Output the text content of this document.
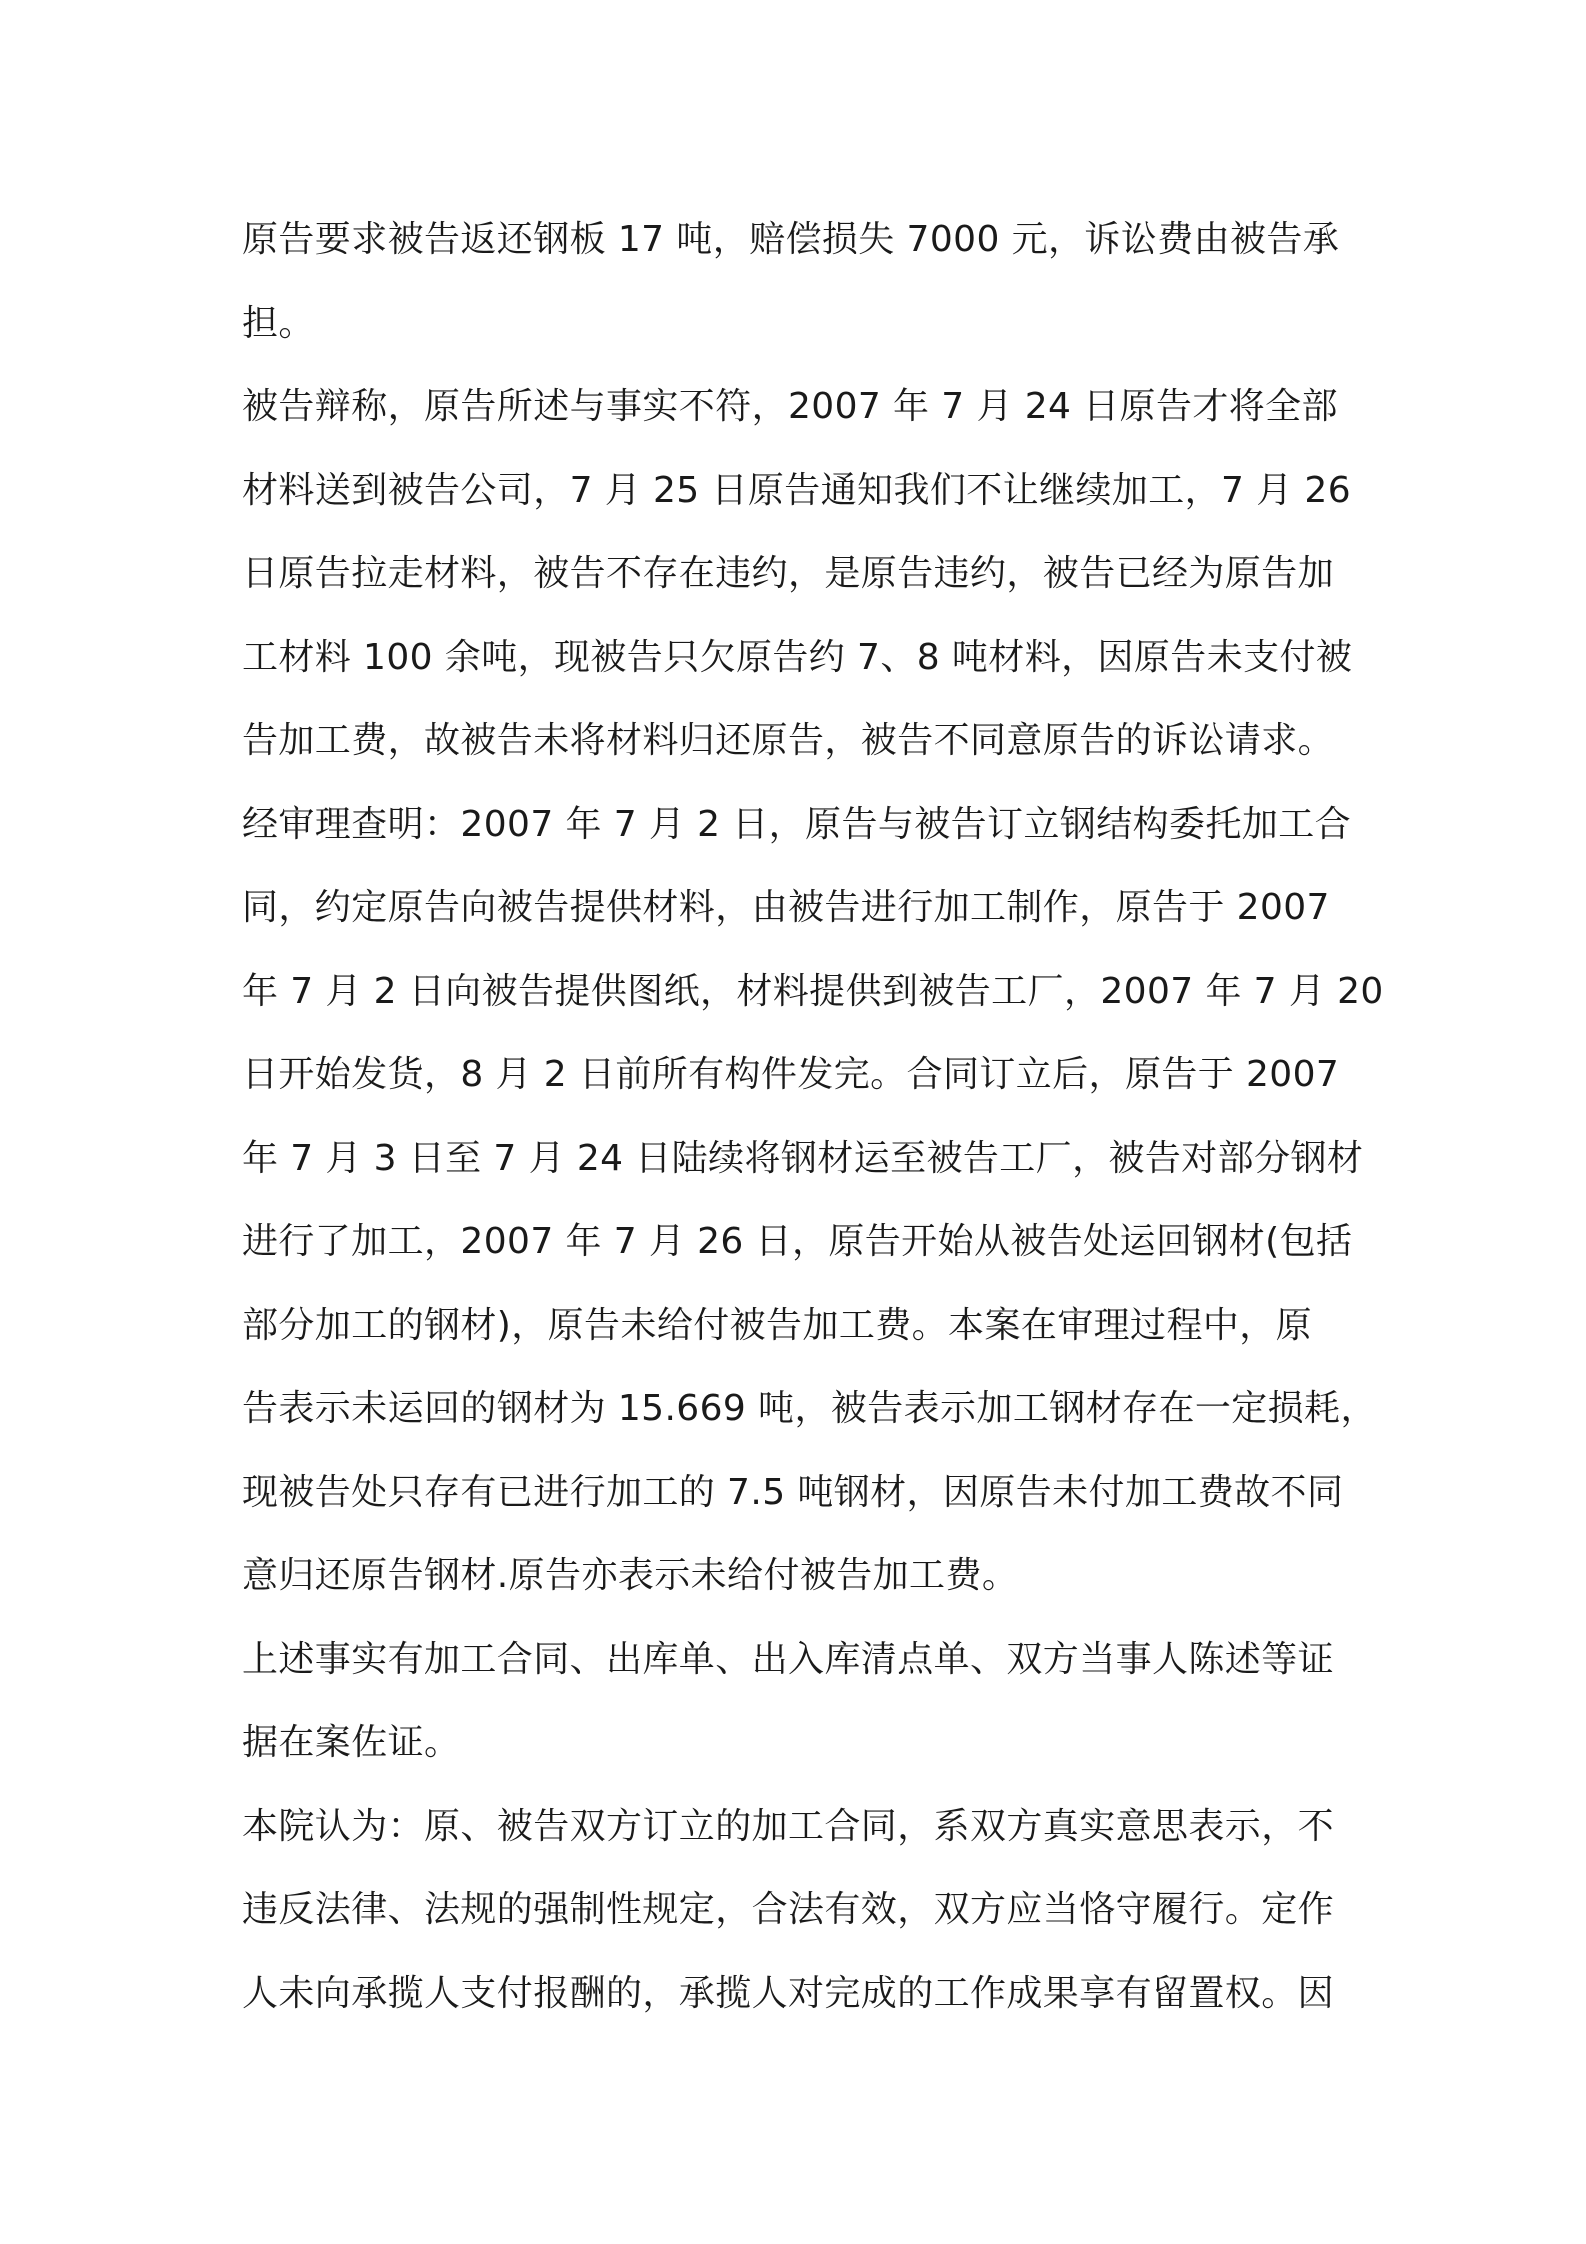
原告要求被告返还钢板 17 吨，赔偿损失 7000 元，诉讼费由被告承
担。
被告辩称，原告所述与事实不符，2007 年 7 月 24 日原告才将全部
材料送到被告公司，7 月 25 日原告通知我们不让继续加工，7 月 26
日原告拉走材料，被告不存在违约，是原告违约，被告已经为原告加
工材料 100 余吨，现被告只欠原告约 7、8 吨材料，因原告未支付被
告加工费，故被告未将材料归还原告，被告不同意原告的诉讼请求。
经审理查明：2007 年 7 月 2 日，原告与被告订立钢结构委托加工合
同，约定原告向被告提供材料，由被告进行加工制作，原告于 2007
年 7 月 2 日向被告提供图纸，材料提供到被告工厂，2007 年 7 月 20
日开始发货，8 月 2 日前所有构件发完。合同订立后，原告于 2007
年 7 月 3 日至 7 月 24 日陆续将钢材运至被告工厂，被告对部分钢材
进行了加工，2007 年 7 月 26 日，原告开始从被告处运回钢材(包括
部分加工的钢材)，原告未给付被告加工费。本案在审理过程中，原
告表示未运回的钢材为 15.669 吨，被告表示加工钢材存在一定损耗，
现被告处只存有已进行加工的 7.5 吨钢材，因原告未付加工费故不同
意归还原告钢材.原告亦表示未给付被告加工费。
上述事实有加工合同、出库单、出入库清点单、双方当事人陈述等证
据在案佐证。
本院认为：原、被告双方订立的加工合同，系双方真实意思表示，不
违反法律、法规的强制性规定，合法有效，双方应当恪守履行。定作
人未向承揽人支付报酬的，承揽人对完成的工作成果享有留置权。因
